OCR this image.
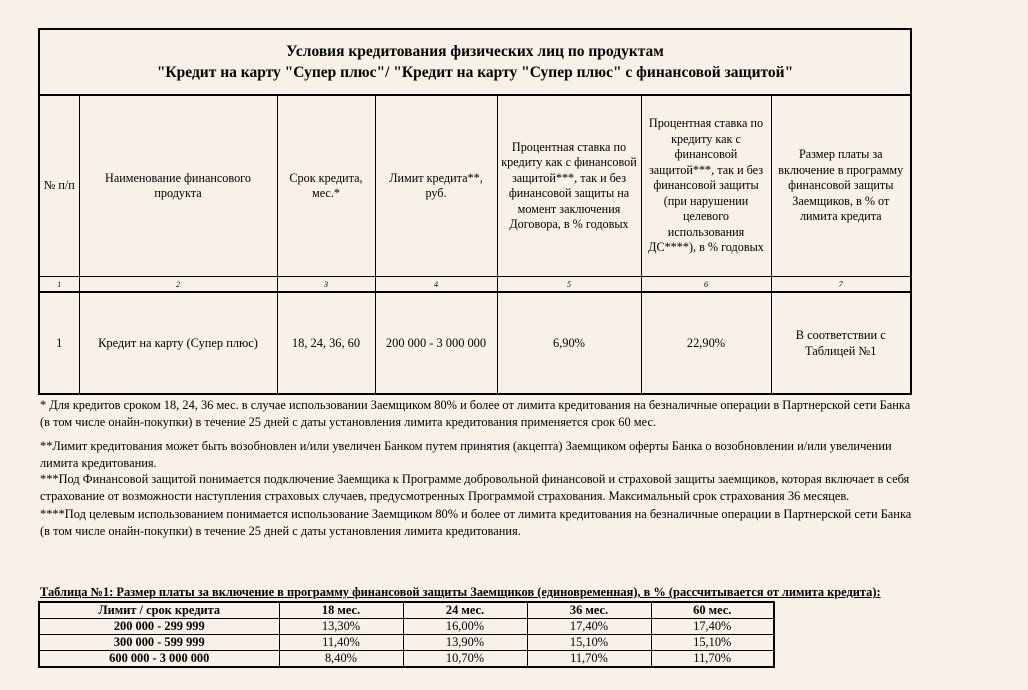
Условия кредитования физических лиц по продуктам
"Кредит на карту "Супер плюс"/ "Кредит на карту "Супер плюс" с финансовой защитой"						

№ п/п	Наименование финансового продукта	Срок кредита, мес.*	Лимит кредита**, руб.	Процентная ставка по кредиту как с финансовой защитой***, так и без финансовой защиты на момент заключения Договора, в % годовых	Процентная ставка по кредиту как с финансовой защитой***, так и без финансовой защиты (при нарушении целевого использования ДС****), в % годовых	Размер платы за включение в программу финансовой защиты Заемщиков, в % от лимита кредита
1	2	3	4	5	6	7
1	Кредит на карту (Супер плюс)	18, 24, 36, 60	200 000 - 3 000 000	6,90%	22,90%	В соответствии с Таблицей №1

* Для кредитов сроком 18, 24, 36 мес. в случае использовании Заемщиком 80% и более от лимита кредитования на безналичные операции в Партнерской сети Банка (в том числе онайн-покупки) в течение 25 дней с даты установления лимита кредитования применяется срок 60 мес.

**Лимит кредитования может быть возобновлен и/или увеличен Банком путем принятия (акцепта) Заемщиком оферты Банка о возобновлении и/или увеличении лимита кредитования.

***Под Финансовой защитой понимается подключение Заемщика к Программе добровольной финансовой и страховой защиты заемщиков, которая включает в себя страхование от возможности наступления страховых случаев, предусмотренных Программой страхования. Максимальный срок страхования 36 месяцев.

****Под целевым использованием понимается использование Заемщиком 80% и более от лимита кредитования на безналичные операции в Партнерской сети Банка (в том числе онайн-покупки) в течение 25 дней с даты установления лимита кредитования.

Таблица №1: Размер платы за включение в программу финансовой защиты Заемщиков (единовременная), в % (рассчитывается от лимита кредита):
Лимит / срок кредита	18 мес.	24 мес.	36 мес.	60 мес.
200 000 - 299 999	13,30%	16,00%	17,40%	17,40%
300 000 - 599 999	11,40%	13,90%	15,10%	15,10%
600 000 - 3 000 000	8,40%	10,70%	11,70%	11,70%
